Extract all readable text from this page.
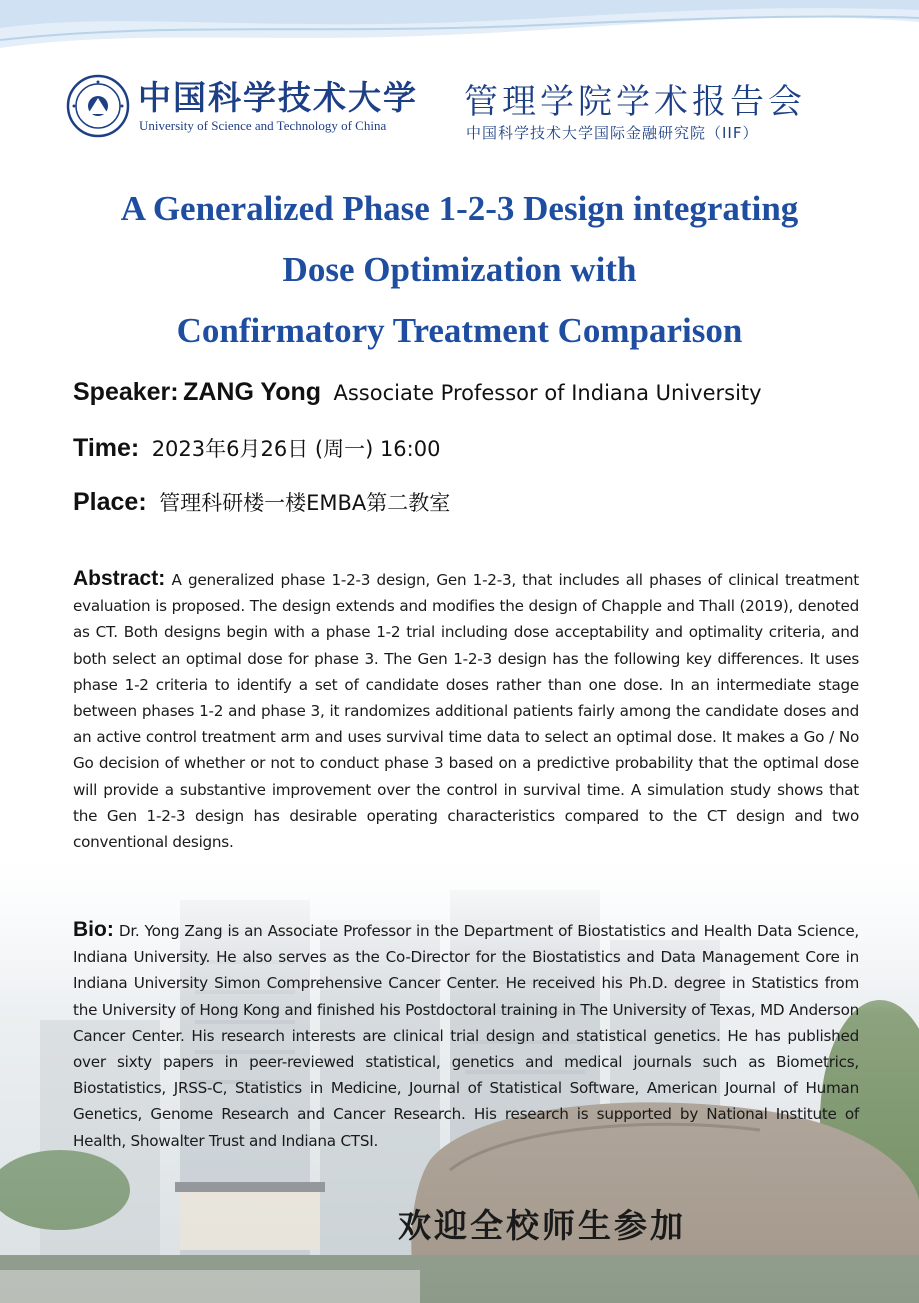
中国科学技术大学
University of Science and Technology of China
管理学院学术报告会
中国科学技术大学国际金融研究院（IIF）
A Generalized Phase 1-2-3 Design integrating
Dose Optimization with
Confirmatory Treatment Comparison
Speaker: ZANG Yong Associate Professor of Indiana University
Time: 2023年6月26日 (周一) 16:00
Place: 管理科研楼一楼EMBA第二教室
Abstract: A generalized phase 1-2-3 design, Gen 1-2-3, that includes all phases of clinical treatment evaluation is proposed. The design extends and modifies the design of Chapple and Thall (2019), denoted as CT. Both designs begin with a phase 1-2 trial including dose acceptability and optimality criteria, and both select an optimal dose for phase 3. The Gen 1-2-3 design has the following key differences. It uses phase 1-2 criteria to identify a set of candidate doses rather than one dose. In an intermediate stage between phases 1-2 and phase 3, it randomizes additional patients fairly among the candidate doses and an active control treatment arm and uses survival time data to select an optimal dose. It makes a Go / No Go decision of whether or not to conduct phase 3 based on a predictive probability that the optimal dose will provide a substantive improvement over the control in survival time. A simulation study shows that the Gen 1-2-3 design has desirable operating characteristics compared to the CT design and two conventional designs.
Bio: Dr. Yong Zang is an Associate Professor in the Department of Biostatistics and Health Data Science, Indiana University. He also serves as the Co-Director for the Biostatistics and Data Management Core in Indiana University Simon Comprehensive Cancer Center. He received his Ph.D. degree in Statistics from the University of Hong Kong and finished his Postdoctoral training in The University of Texas, MD Anderson Cancer Center. His research interests are clinical trial design and statistical genetics. He has published over sixty papers in peer-reviewed statistical, genetics and medical journals such as Biometrics, Biostatistics, JRSS-C, Statistics in Medicine, Journal of Statistical Software, American Journal of Human Genetics, Genome Research and Cancer Research. His research is supported by National Institute of Health, Showalter Trust and Indiana CTSI.
欢迎全校师生参加
